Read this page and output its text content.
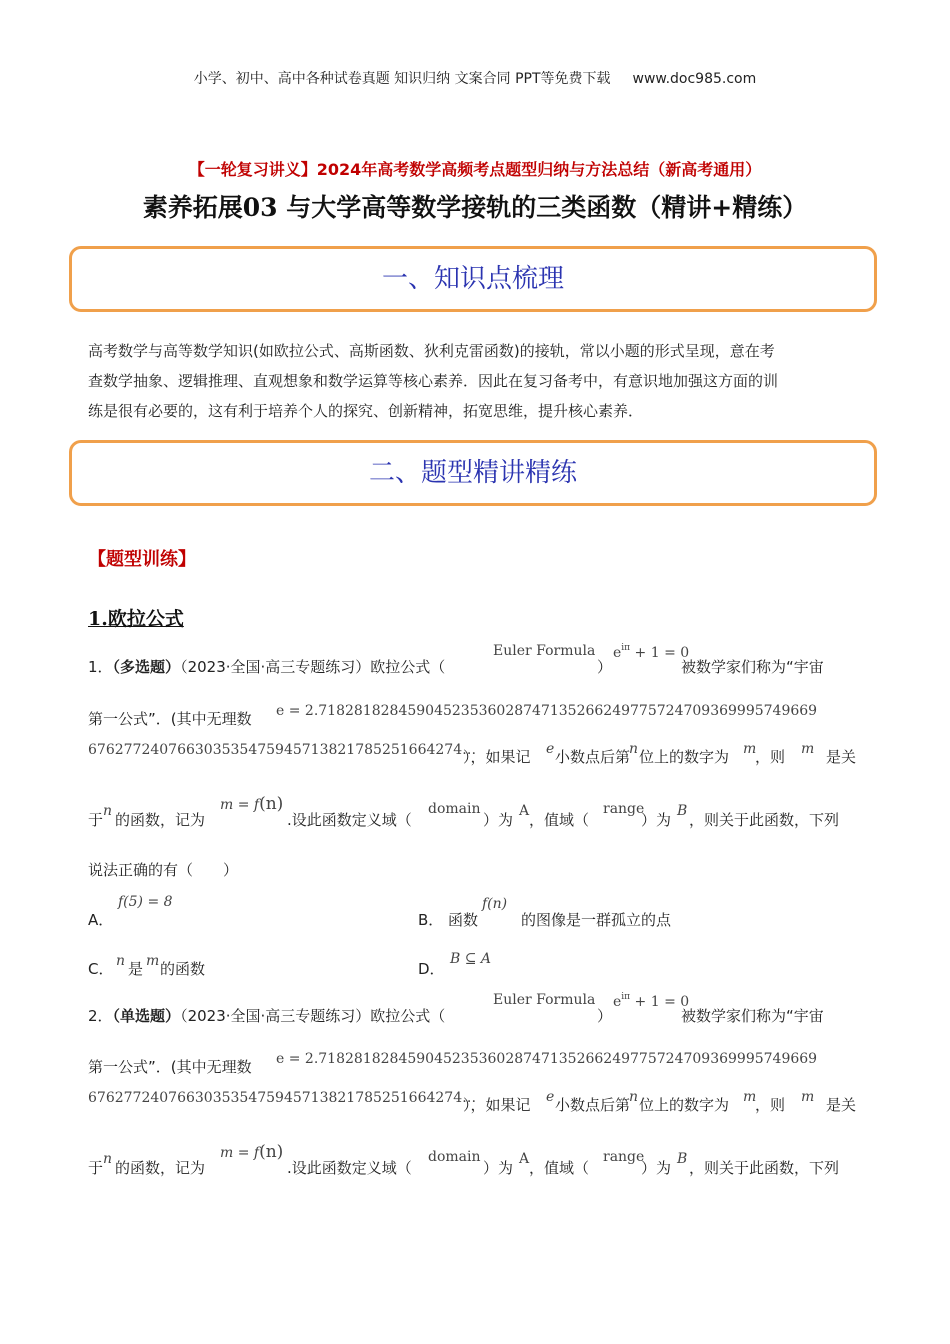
小学、初中、高中各种试卷真题 知识归纳 文案合同 PPT等免费下载 www.doc985.com
【一轮复习讲义】2024年高考数学高频考点题型归纳与方法总结（新高考通用）
素养拓展03 与大学高等数学接轨的三类函数（精讲+精练）
一、知识点梳理

高考数学与高等数学知识(如欧拉公式、高斯函数、狄利克雷函数)的接轨，常以小题的形式呈现，意在考

查数学抽象、逻辑推理、直观想象和数学运算等核心素养．因此在复习备考中，有意识地加强这方面的训

练是很有必要的，这有利于培养个人的探究、创新精神，拓宽思维，提升核心素养．

二、题型精讲精练
【题型训练】
1.欧拉公式
1．（多选题）（2023·全国·高三专题练习）欧拉公式（
Euler Formula
）
$e^{i\pi} + 1 = 0$
被数学家们称为“宇宙
第一公式”．(其中无理数 e = 2.71828182845904523536028747135266249775724709369995749669
676277240766303535475945713821785251664274…
），如果记 e 小数点后第
n 位上的数字为 m
，则 m 是关
于 n 的函数，记为
m = f(n)
.设此函数定义域（
domain
）为 A ，值域（
range
）为 B ，则关于此函数，下列
说法正确的有（　　）
A．
f(5) = 8
B． 函数
f(n)
的图像是一群孤立的点
C． n 是 m 的函数	D．
B ⊆ A
2．（单选题）（2023·全国·高三专题练习）欧拉公式（
Euler Formula
）
$e^{i\pi} + 1 = 0$
被数学家们称为“宇宙
第一公式”．(其中无理数 e = 2.71828182845904523536028747135266249775724709369995749669
676277240766303535475945713821785251664274…
），如果记 e 小数点后第
n 位上的数字为 m
，则 m 是关
于 n 的函数，记为
m = f(n)
.设此函数定义域（
domain
）为 A ，值域（
range
）为 B ，则关于此函数，下列
